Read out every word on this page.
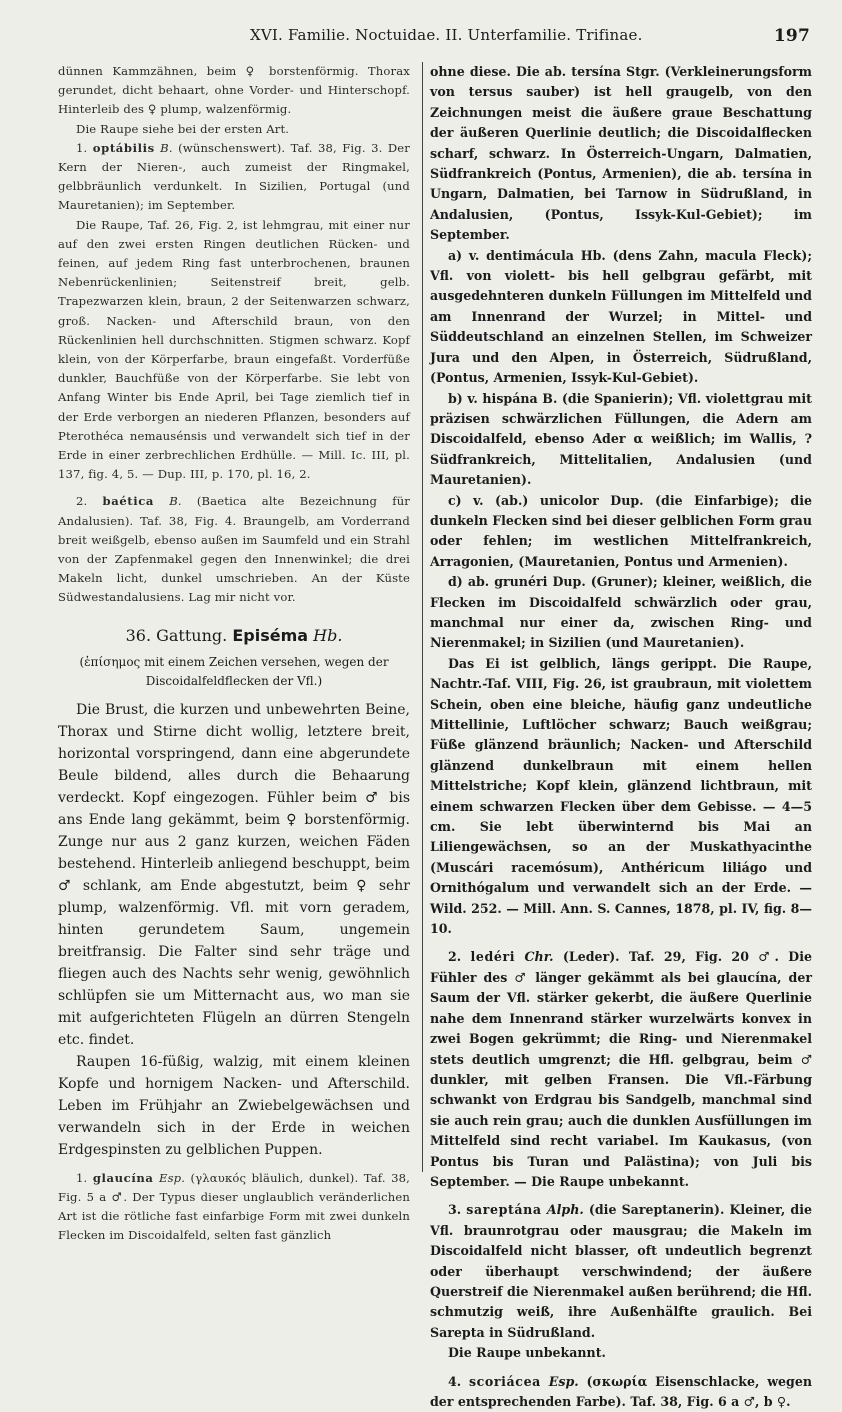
XVI. Familie. Noctuidae. II. Unterfamilie. Trifinae.	197

dünnen Kammzähnen, beim ♀ borstenförmig. Thorax gerundet, dicht behaart, ohne Vorder- und Hinterschopf. Hinterleib des ♀ plump, walzenförmig.

Die Raupe siehe bei der ersten Art.

1. optábilis B. (wünschenswert). Taf. 38, Fig. 3. Der Kern der Nieren-, auch zumeist der Ringmakel, gelbbräunlich verdunkelt. In Sizilien, Portugal (und Mauretanien); im September.

Die Raupe, Taf. 26, Fig. 2, ist lehmgrau, mit einer nur auf den zwei ersten Ringen deutlichen Rücken- und feinen, auf jedem Ring fast unterbrochenen, braunen Nebenrückenlinien; Seitenstreif breit, gelb. Trapezwarzen klein, braun, 2 der Seitenwarzen schwarz, groß. Nacken- und Afterschild braun, von den Rückenlinien hell durchschnitten. Stigmen schwarz. Kopf klein, von der Körperfarbe, braun eingefaßt. Vorderfüße dunkler, Bauchfüße von der Körperfarbe. Sie lebt von Anfang Winter bis Ende April, bei Tage ziemlich tief in der Erde verborgen an niederen Pflanzen, besonders auf Pterothéca nemausénsis und verwandelt sich tief in der Erde in einer zerbrechlichen Erdhülle. — Mill. Ic. III, pl. 137, fig. 4, 5. — Dup. III, p. 170, pl. 16, 2.

2. baética B. (Baetica alte Bezeichnung für Andalusien). Taf. 38, Fig. 4. Braungelb, am Vorderrand breit weißgelb, ebenso außen im Saumfeld und ein Strahl von der Zapfenmakel gegen den Innenwinkel; die drei Makeln licht, dunkel umschrieben. An der Küste Südwestandalusiens. Lag mir nicht vor.

36. Gattung. Episéma Hb.

(ἐπίσημος mit einem Zeichen versehen, wegen der Discoidalfeldflecken der Vfl.)

Die Brust, die kurzen und unbewehrten Beine, Thorax und Stirne dicht wollig, letztere breit, horizontal vorspringend, dann eine abgerundete Beule bildend, alles durch die Behaarung verdeckt. Kopf eingezogen. Fühler beim ♂ bis ans Ende lang gekämmt, beim ♀ borstenförmig. Zunge nur aus 2 ganz kurzen, weichen Fäden bestehend. Hinterleib anliegend beschuppt, beim ♂ schlank, am Ende abgestutzt, beim ♀ sehr plump, walzenförmig. Vfl. mit vorn geradem, hinten gerundetem Saum, ungemein breitfransig. Die Falter sind sehr träge und fliegen auch des Nachts sehr wenig, gewöhnlich schlüpfen sie um Mitternacht aus, wo man sie mit aufgerichteten Flügeln an dürren Stengeln etc. findet.

Raupen 16-füßig, walzig, mit einem kleinen Kopfe und hornigem Nacken- und Afterschild. Leben im Frühjahr an Zwiebelgewächsen und verwandeln sich in der Erde in weichen Erdgespinsten zu gelblichen Puppen.

1. glaucína Esp. (γλαυκός bläulich, dunkel). Taf. 38, Fig. 5 a ♂. Der Typus dieser unglaublich veränderlichen Art ist die rötliche fast einfarbige Form mit zwei dunkeln Flecken im Discoidalfeld, selten fast gänzlich

ohne diese. Die ab. tersína Stgr. (Verkleinerungsform von tersus sauber) ist hell graugelb, von den Zeichnungen meist die äußere graue Beschattung der äußeren Querlinie deutlich; die Discoidalflecken scharf, schwarz. In Österreich-Ungarn, Dalmatien, Südfrankreich (Pontus, Armenien), die ab. tersína in Ungarn, Dalmatien, bei Tarnow in Südrußland, in Andalusien, (Pontus, Issyk-Kul-Gebiet); im September.

a) v. dentimácula Hb. (dens Zahn, macula Fleck); Vfl. von violett- bis hell gelbgrau gefärbt, mit ausgedehnteren dunkeln Füllungen im Mittelfeld und am Innenrand der Wurzel; in Mittel- und Süddeutschland an einzelnen Stellen, im Schweizer Jura und den Alpen, in Österreich, Südrußland, (Pontus, Armenien, Issyk-Kul-Gebiet).

b) v. hispána B. (die Spanierin); Vfl. violettgrau mit präzisen schwärzlichen Füllungen, die Adern am Discoidalfeld, ebenso Ader α weißlich; im Wallis, ? Südfrankreich, Mittelitalien, Andalusien (und Mauretanien).

c) v. (ab.) unicolor Dup. (die Einfarbige); die dunkeln Flecken sind bei dieser gelblichen Form grau oder fehlen; im westlichen Mittelfrankreich, Arragonien, (Mauretanien, Pontus und Armenien).

d) ab. grunéri Dup. (Gruner); kleiner, weißlich, die Flecken im Discoidalfeld schwärzlich oder grau, manchmal nur einer da, zwischen Ring- und Nierenmakel; in Sizilien (und Mauretanien).

Das Ei ist gelblich, längs gerippt. Die Raupe, Nachtr.-Taf. VIII, Fig. 26, ist graubraun, mit violettem Schein, oben eine bleiche, häufig ganz undeutliche Mittellinie, Luftlöcher schwarz; Bauch weißgrau; Füße glänzend bräunlich; Nacken- und Afterschild glänzend dunkelbraun mit einem hellen Mittelstriche; Kopf klein, glänzend lichtbraun, mit einem schwarzen Flecken über dem Gebisse. — 4—5 cm. Sie lebt überwinternd bis Mai an Liliengewächsen, so an der Muskathyacinthe (Muscári racemósum), Anthéricum liliágo und Ornithógalum und verwandelt sich an der Erde. — Wild. 252. — Mill. Ann. S. Cannes, 1878, pl. IV, fig. 8—10.

2. ledéri Chr. (Leder). Taf. 29, Fig. 20 ♂. Die Fühler des ♂ länger gekämmt als bei glaucína, der Saum der Vfl. stärker gekerbt, die äußere Querlinie nahe dem Innenrand stärker wurzelwärts konvex in zwei Bogen gekrümmt; die Ring- und Nierenmakel stets deutlich umgrenzt; die Hfl. gelbgrau, beim ♂ dunkler, mit gelben Fransen. Die Vfl.-Färbung schwankt von Erdgrau bis Sandgelb, manchmal sind sie auch rein grau; auch die dunklen Ausfüllungen im Mittelfeld sind recht variabel. Im Kaukasus, (von Pontus bis Turan und Palästina); von Juli bis September. — Die Raupe unbekannt.

3. sareptána Alph. (die Sareptanerin). Kleiner, die Vfl. braunrotgrau oder mausgrau; die Makeln im Discoidalfeld nicht blasser, oft undeutlich begrenzt oder überhaupt verschwindend; der äußere Querstreif die Nierenmakel außen berührend; die Hfl. schmutzig weiß, ihre Außenhälfte graulich. Bei Sarepta in Südrußland.

Die Raupe unbekannt.

4. scoriácea Esp. (σκωρία Eisenschlacke, wegen der entsprechenden Farbe). Taf. 38, Fig. 6 a ♂, b ♀.
